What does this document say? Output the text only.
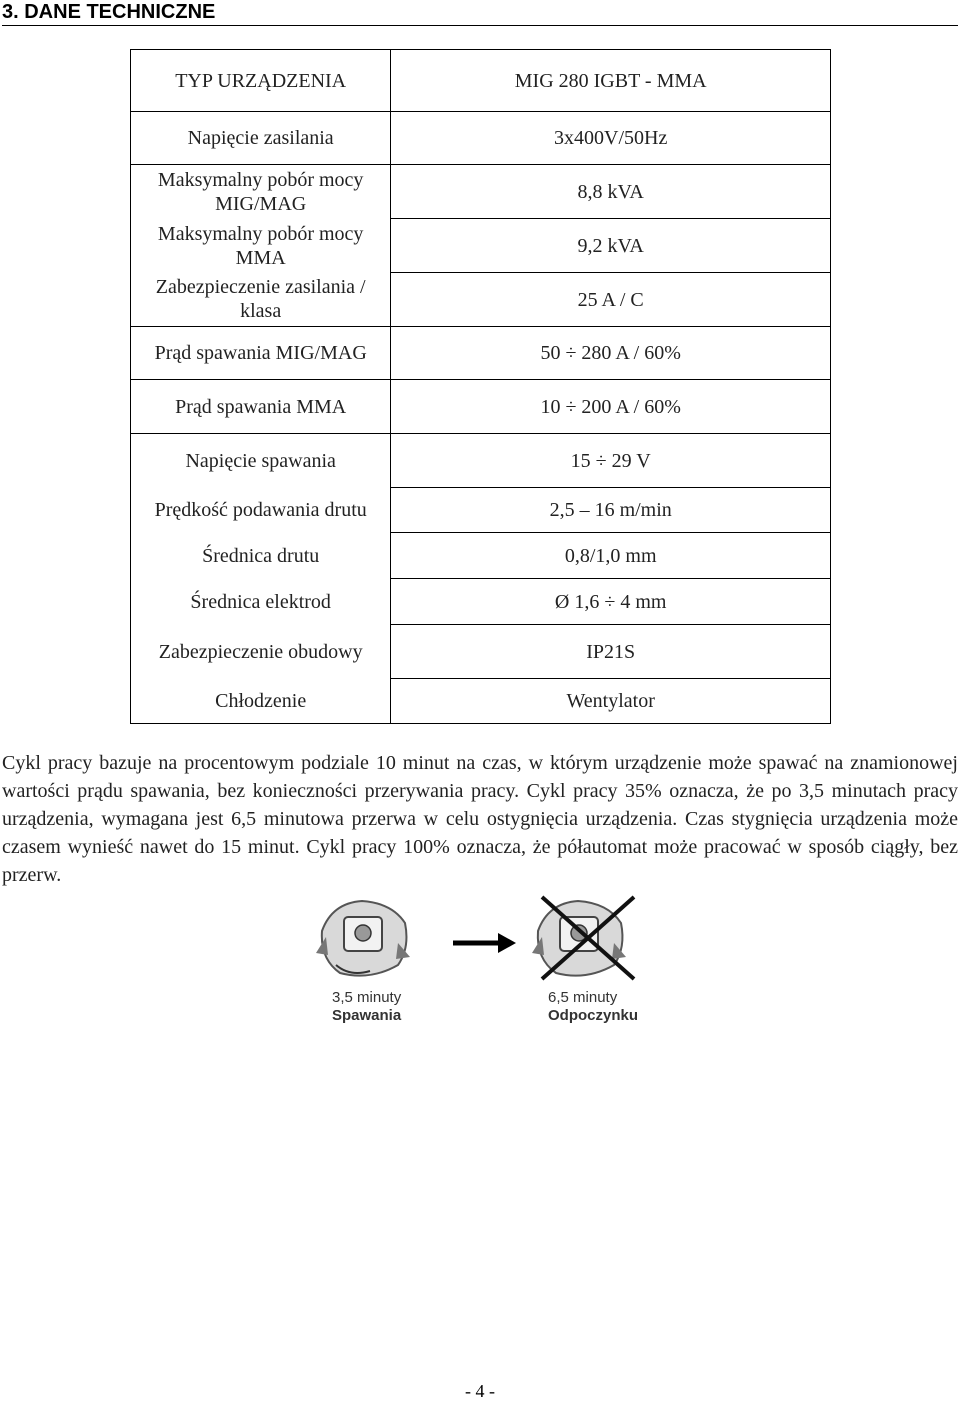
3. DANE TECHNICZNE
TYP URZĄDZENIA	MIG 280 IGBT - MMA
Napięcie zasilania	3x400V/50Hz
Maksymalny pobór mocy MIG/MAG	8,8 kVA
Maksymalny pobór mocy MMA	9,2 kVA
Zabezpieczenie zasilania / klasa	25 A / C
Prąd spawania MIG/MAG	50 ÷ 280 A / 60%
Prąd spawania MMA	10 ÷ 200 A / 60%
Napięcie spawania	15 ÷ 29 V
Prędkość podawania drutu	2,5 – 16 m/min
Średnica drutu	0,8/1,0 mm
Średnica elektrod	Ø 1,6 ÷ 4 mm
Zabezpieczenie obudowy	IP21S
Chłodzenie	Wentylator

Cykl pracy bazuje na procentowym podziale 10 minut na czas, w którym urządzenie może spawać na znamionowej wartości prądu spawania, bez konieczności przerywania pracy. Cykl pracy 35% oznacza, że po 3,5 minutach pracy urządzenia, wymagana jest 6,5 minutowa przerwa w celu ostygnięcia urządzenia. Czas stygnięcia urządzenia może czasem wynieść nawet do 15 minut. Cykl pracy 100% oznacza, że półautomat może pracować w sposób ciągły, bez przerw.

3,5 minuty
Spawania
6,5 minuty
Odpoczynku
- 4 -
